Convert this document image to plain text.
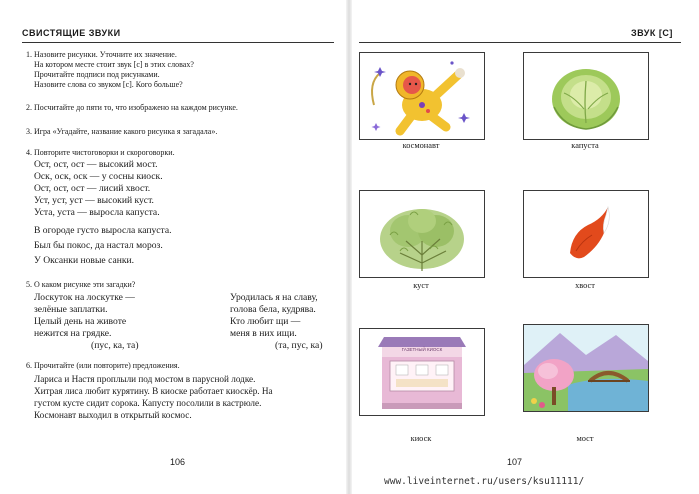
СВИСТЯЩИЕ ЗВУКИ
1. Назовите рисунки. Уточните их значение.
На котором месте стоит звук [с] в этих словах?
Прочитайте подписи под рисунками.
Назовите слова со звуком [с]. Кого больше?
2. Посчитайте до пяти то, что изображено на каждом рисунке.
3. Игра «Угадайте, название какого рисунка я загадала».
4. Повторите чистоговорки и скороговорки.
Ост, ост, ост — высокий мост.
Оск, оск, оск — у сосны киоск.
Ост, ост, ост — лисий хвост.
Уст, уст, уст — высокий куст.
Уста, уста — выросла капуста.
В огороде густо выросла капуста.
Был бы покос, да настал мороз.
У Оксанки новые санки.
5. О каком рисунке эти загадки?
Лоскуток на лоскутке —
зелёные заплатки.
Целый день на животе
нежится на грядке.
(пус, ка, та)
Уродилась я на славу,
голова бела, кудрява.
Кто любит щи —
меня в них ищи.
(та, пус, ка)
6. Прочитайте (или повторите) предложения.
Лариса и Настя проплыли под мостом в парусной лодке.
Хитрая лиса любит курятину. В киоске работает киоскёр. На
густом кусте сидит сорока. Капусту посолили в кастрюле.
Космонавт выходил в открытый космос.
106
ЗВУК [С]
космонавт	капуста
куст	хвост
ГАЗЕТНЫЙ КИОСК
киоск	мост
107
www.liveinternet.ru/users/ksu11111/
